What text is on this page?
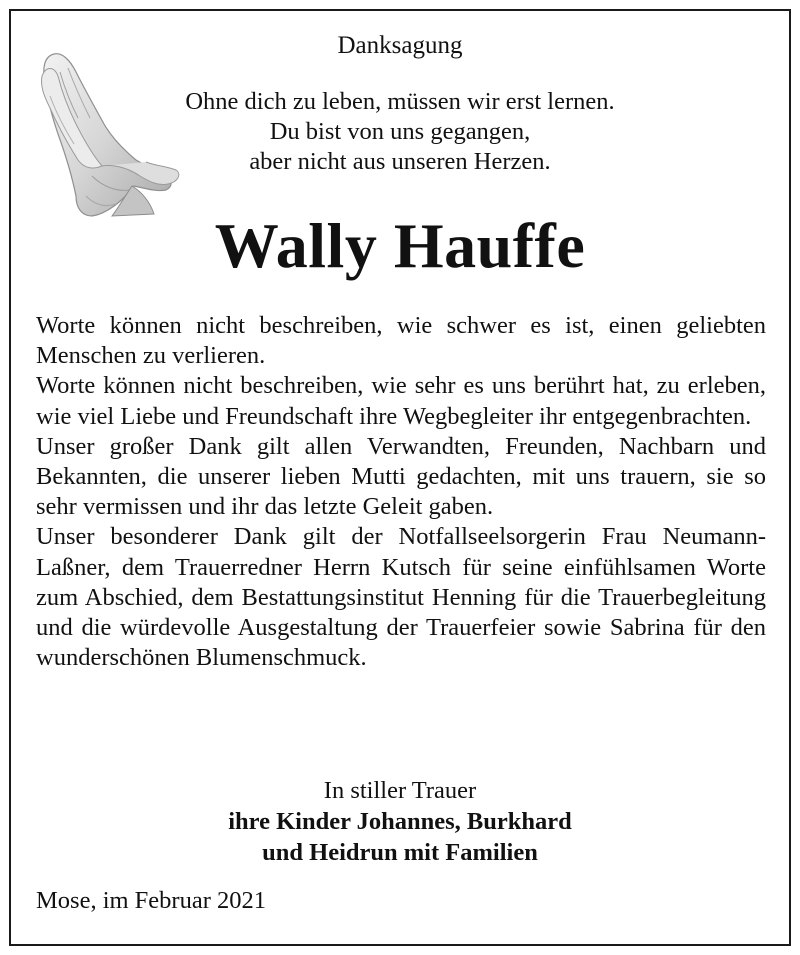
Danksagung
Ohne dich zu leben, müssen wir erst lernen.
Du bist von uns gegangen,
aber nicht aus unseren Herzen.
Wally Hauffe

Worte können nicht beschreiben, wie schwer es ist, einen geliebten Menschen zu verlieren.

Worte können nicht beschreiben, wie sehr es uns berührt hat, zu erleben, wie viel Liebe und Freundschaft ihre Wegbegleiter ihr entgegenbrachten.

Unser großer Dank gilt allen Verwandten, Freunden, Nachbarn und Bekannten, die unserer lieben Mutti gedachten, mit uns trauern, sie so sehr vermissen und ihr das letzte Geleit gaben.

Unser besonderer Dank gilt der Notfallseelsorgerin Frau Neumann-Laßner, dem Trauerredner Herrn Kutsch für seine einfühlsamen Worte zum Abschied, dem Bestattungsinstitut Henning für die Trauerbegleitung und die würdevolle Ausgestaltung der Trauerfeier sowie Sabrina für den wunderschönen Blumenschmuck.

In stiller Trauer
ihre Kinder Johannes, Burkhard
und Heidrun mit Familien
Mose, im Februar 2021
